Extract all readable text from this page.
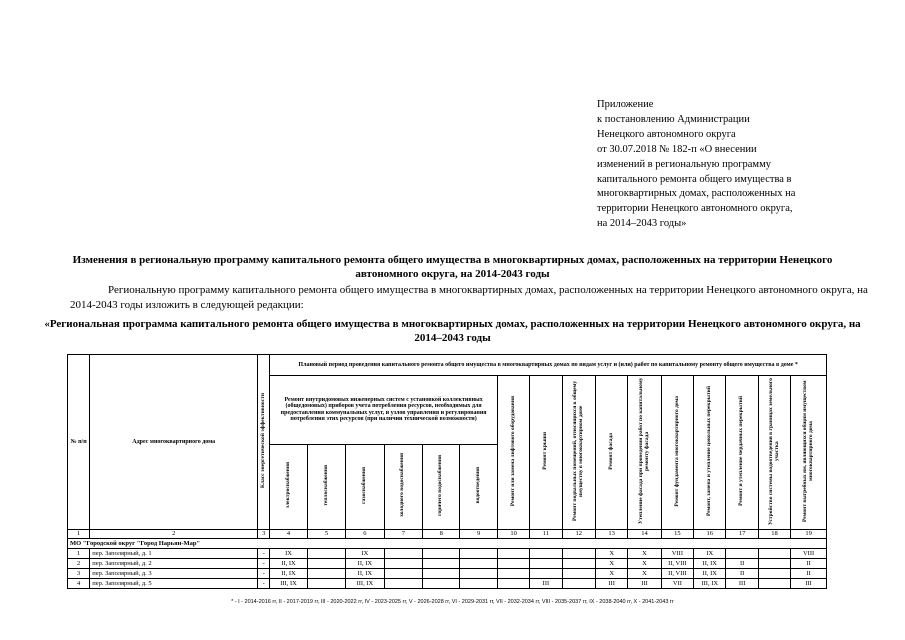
Приложение
к постановлению Администрации
Ненецкого автономного округа
от 30.07.2018 № 182-п «О внесении
изменений в региональную программу
капитального ремонта общего имущества в
многоквартирных домах, расположенных на
территории Ненецкого автономного округа,
на 2014–2043 годы»
Изменения в региональную программу капитального ремонта общего имущества в многоквартирных домах, расположенных на территории Ненецкого автономного округа, на 2014-2043 годы
Региональную программу капитального ремонта общего имущества в многоквартирных домах, расположенных на территории Ненецкого автономного округа, на 2014-2043 годы изложить в следующей редакции:
«Региональная программа капитального ремонта общего имущества в многоквартирных домах, расположенных на территории Ненецкого автономного округа, на 2014–2043 годы
№ п/п	Адрес многоквартирного дома	Класс энергетической эффективности	Плановый период проведения капитального ремонта общего имущества в многоквартирных домах по видам услуг и (или) работ по капитальному ремонту общего имущества в доме *															
			Ремонт внутридомовых инженерных систем с установкой коллективных (общедомовых) приборов учета потребления ресурсов, необходимых для предоставления коммунальных услуг, и узлов управления и регулирования потребления этих ресурсов (при наличии технической возможности)						Ремонт или замена лифтового оборудования	Ремонт крыши	Ремонт подвальных помещений, относящихся к общему имуществу в многоквартирном доме	Ремонт фасада	Утепление фасада при проведении работ по капитальному ремонту фасада	Ремонт фундамента многоквартирного дома	Ремонт, замена и утепление цокольных перекрытий	Ремонт и утепление чердачных перекрытий	Устройство системы водоотведения в границах земельного участка	Ремонт выгребных ям, являющихся общим имуществом многоквартирного дома
			электроснабжения	теплоснабжения	газоснабжения	холодного водоснабжения	горячего водоснабжения	водоотведения										
1	2	3	4	5	6	7	8	9	10	11	12	13	14	15	16	17	18	19
МО "Городской округ "Город Нарьян-Мар"																		
1	пер. Заполярный, д. 1	-	IX		IX							X	X	VIII	IX			VIII
2	пер. Заполярный, д. 2	-	II, IX		II, IX							X	X	II, VIII	II, IX	II		II
3	пер. Заполярный, д. 3	-	II, IX		II, IX							X	X	II, VIII	II, IX	II		II
4	пер. Заполярный, д. 5	-	III, IX		III, IX					III		III	III	VII	III, IX	III		III
* - I - 2014-2016 гг, II - 2017-2019 гг, III - 2020-2022 гг, IV - 2023-2025 гг, V - 2026-2028 гг, VI - 2029-2031 гг, VII - 2032-2034 гг, VIII - 2035-2037 гг, IX - 2038-2040 гг, X - 2041-2043 гг
